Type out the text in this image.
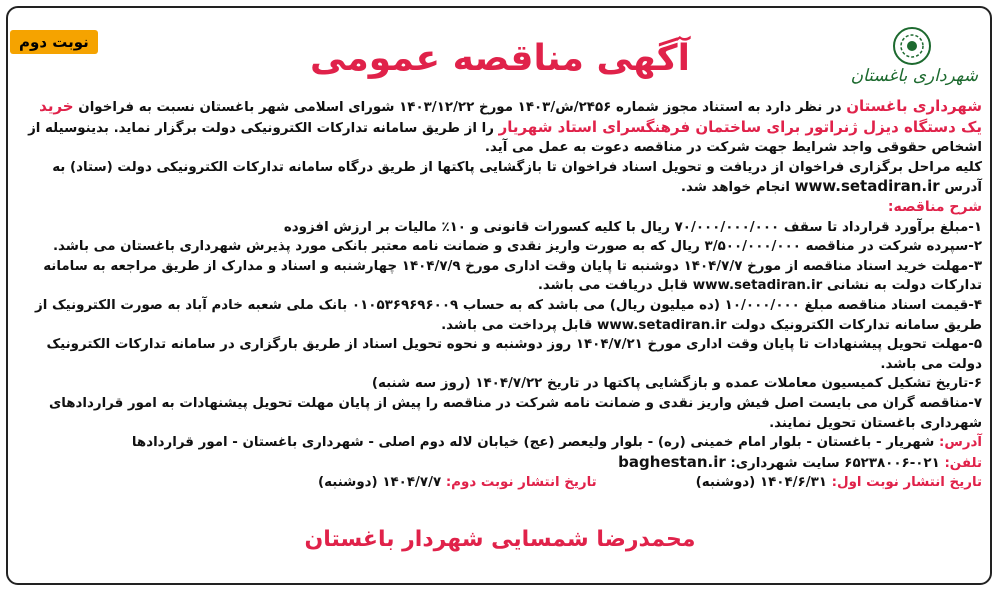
نوبت دوم
شهرداری باغستان
آگهی مناقصه عمومی

شهرداری باغستان در نظر دارد به استناد مجوز شماره ۲۴۵۶/ش/۱۴۰۳ مورخ ۱۴۰۳/۱۲/۲۲ شورای اسلامی شهر باغستان نسبت به فراخوان خرید یک دستگاه دیزل ژنراتور برای ساختمان فرهنگسرای استاد شهریار را از طریق سامانه تدارکات الکترونیکی دولت برگزار نماید. بدینوسیله از اشخاص حقوقی واجد شرایط جهت شرکت در مناقصه دعوت به عمل می آید.

کلیه مراحل برگزاری فراخوان از دریافت و تحویل اسناد فراخوان تا بازگشایی پاکتها از طریق درگاه سامانه تدارکات الکترونیکی دولت (ستاد) به آدرس www.setadiran.ir انجام خواهد شد.

شرح مناقصه:

۱-مبلغ برآورد قرارداد تا سقف ۷۰/۰۰۰/۰۰۰/۰۰۰ ریال با کلیه کسورات قانونی و ۱۰٪ مالیات بر ارزش افزوده

۲-سپرده شرکت در مناقصه ۳/۵۰۰/۰۰۰/۰۰۰ ریال که به صورت واریز نقدی و ضمانت نامه معتبر بانکی مورد پذیرش شهرداری باغستان می باشد.

۳-مهلت خرید اسناد مناقصه از مورخ ۱۴۰۴/۷/۷ دوشنبه تا پایان وقت اداری مورخ ۱۴۰۴/۷/۹ چهارشنبه و اسناد و مدارک از طریق مراجعه به سامانه تدارکات دولت به نشانی www.setadiran.ir قابل دریافت می باشد.

۴-قیمت اسناد مناقصه مبلغ ۱۰/۰۰۰/۰۰۰ (ده میلیون ریال) می باشد که به حساب ۰۱۰۵۳۶۹۶۹۶۰۰۹ بانک ملی شعبه خادم آباد به صورت الکترونیک از طریق سامانه تدارکات الکترونیک دولت www.setadiran.ir قابل پرداخت می باشد.

۵-مهلت تحویل پیشنهادات تا پایان وقت اداری مورخ ۱۴۰۴/۷/۲۱ روز دوشنبه و نحوه تحویل اسناد از طریق بارگزاری در سامانه تدارکات الکترونیک دولت می باشد.

۶-تاریخ تشکیل کمیسیون معاملات عمده و بازگشایی پاکتها در تاریخ ۱۴۰۴/۷/۲۲ (روز سه شنبه)

۷-مناقصه گران می بایست اصل فیش واریز نقدی و ضمانت نامه شرکت در مناقصه را پیش از پایان مهلت تحویل پیشنهادات به امور قراردادهای شهرداری باغستان تحویل نمایند.

آدرس: شهریار - باغستان - بلوار امام خمینی (ره) - بلوار ولیعصر (عج) خیابان لاله دوم اصلی - شهرداری باغستان - امور قراردادها

تلفن: ۰۲۱-۶۵۲۳۸۰۰۶ سایت شهرداری: baghestan.ir

تاریخ انتشار نوبت اول: ۱۴۰۴/۶/۳۱ (دوشنبه)

تاریخ انتشار نوبت دوم: ۱۴۰۴/۷/۷ (دوشنبه)

محمدرضا شمسایی شهردار باغستان
